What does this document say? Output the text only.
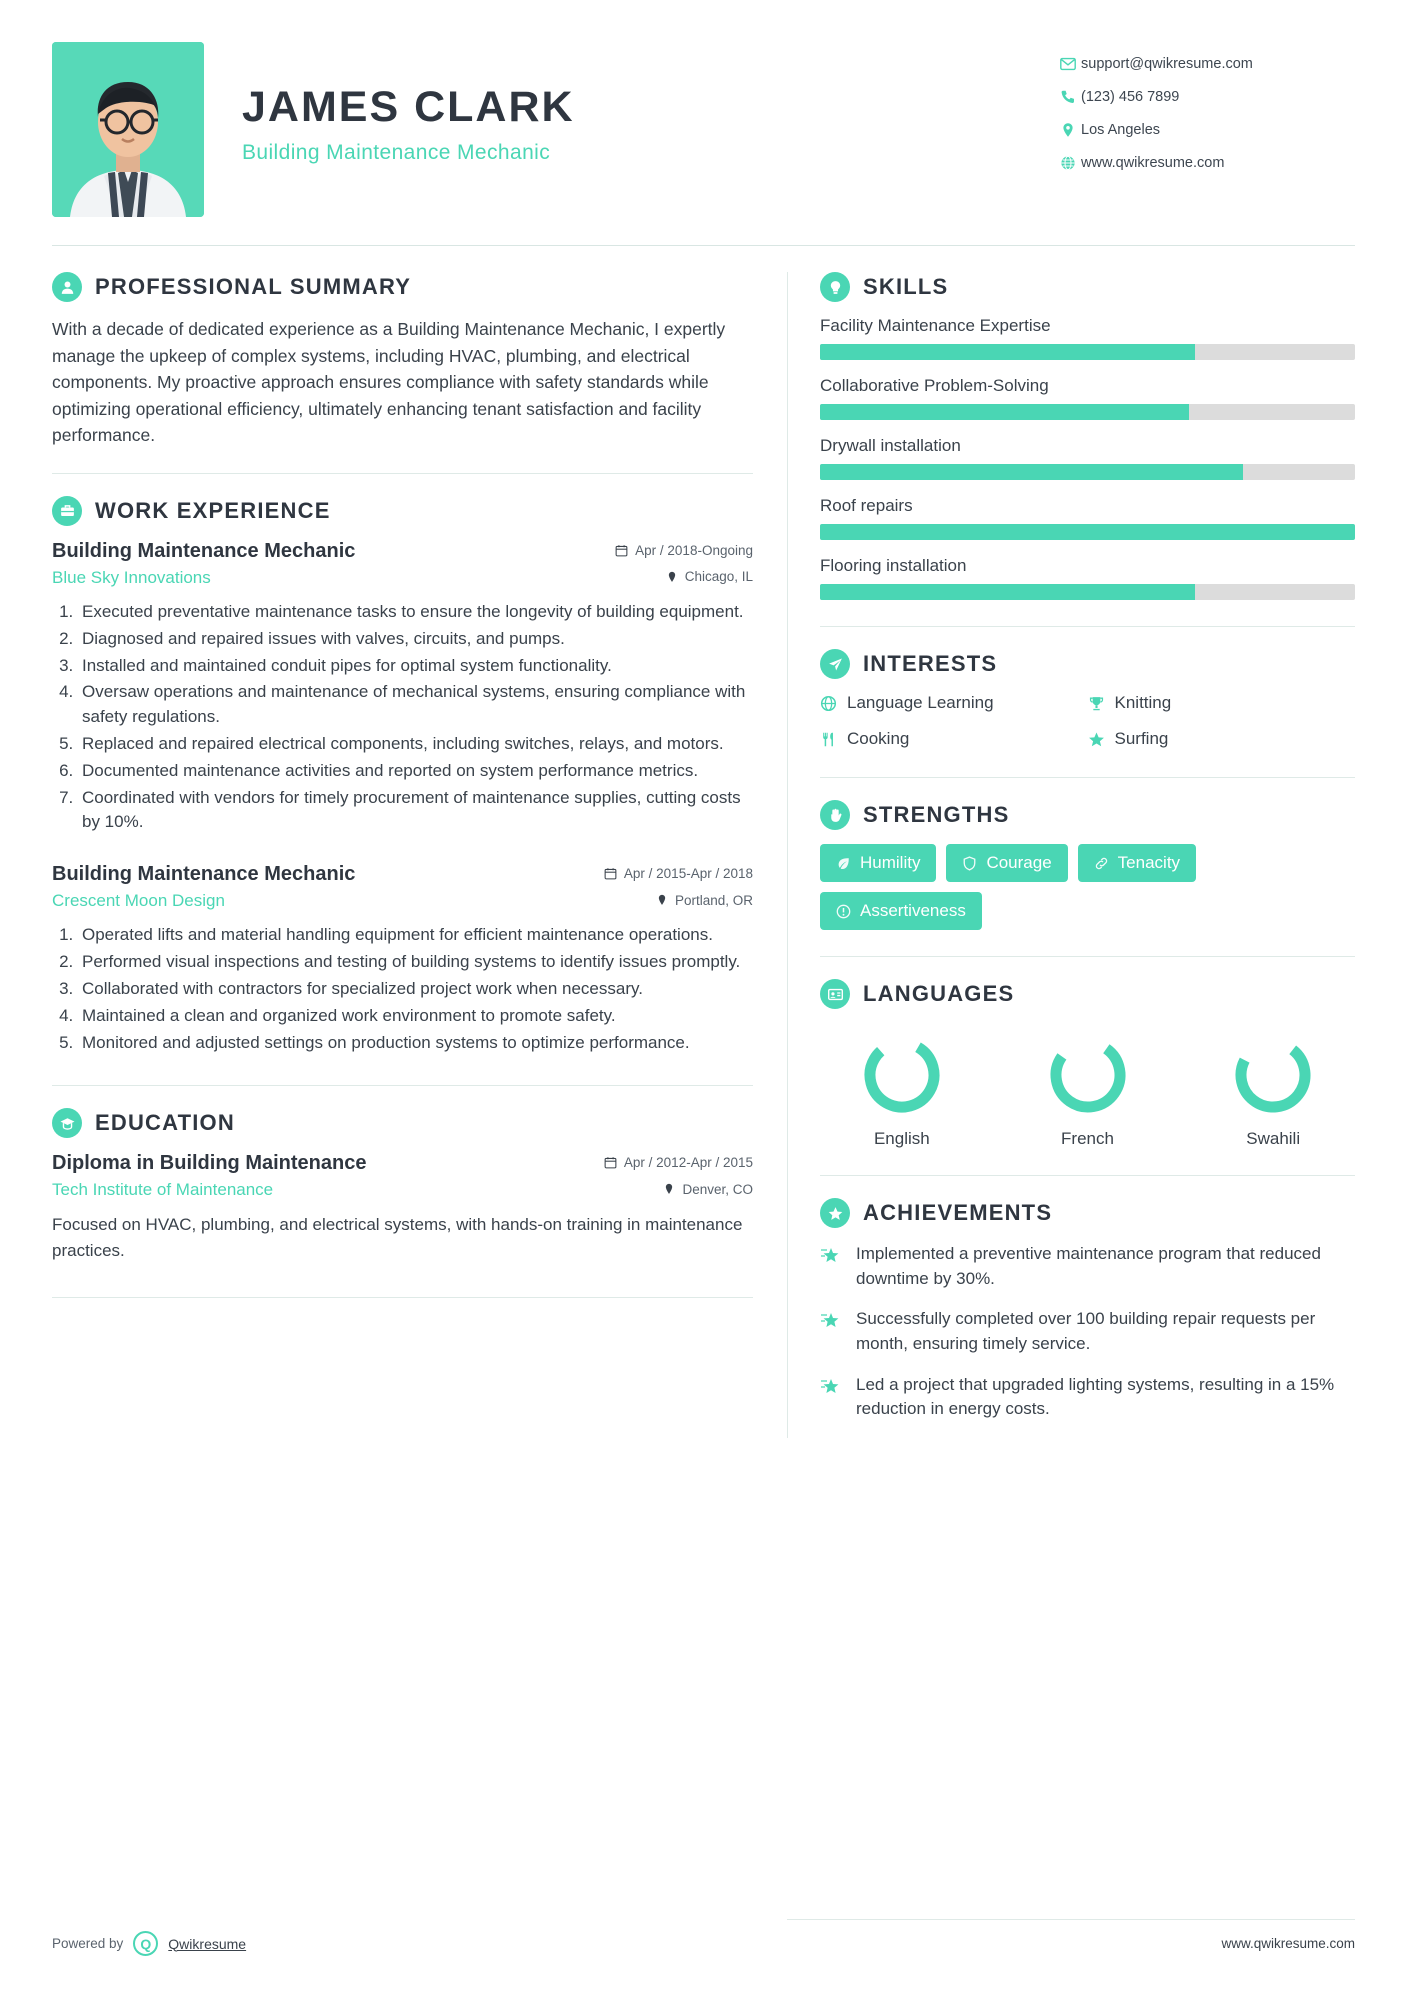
JAMES CLARK
Building Maintenance Mechanic
support@qwikresume.com
(123) 456 7899
Los Angeles
www.qwikresume.com
PROFESSIONAL SUMMARY
With a decade of dedicated experience as a Building Maintenance Mechanic, I expertly manage the upkeep of complex systems, including HVAC, plumbing, and electrical components. My proactive approach ensures compliance with safety standards while optimizing operational efficiency, ultimately enhancing tenant satisfaction and facility performance.
WORK EXPERIENCE
Building Maintenance Mechanic	Apr / 2018-Ongoing
Blue Sky Innovations	Chicago, IL
1. Executed preventative maintenance tasks to ensure the longevity of building equipment.
2. Diagnosed and repaired issues with valves, circuits, and pumps.
3. Installed and maintained conduit pipes for optimal system functionality.
4. Oversaw operations and maintenance of mechanical systems, ensuring compliance with safety regulations.
5. Replaced and repaired electrical components, including switches, relays, and motors.
6. Documented maintenance activities and reported on system performance metrics.
7. Coordinated with vendors for timely procurement of maintenance supplies, cutting costs by 10%.
Building Maintenance Mechanic	Apr / 2015-Apr / 2018
Crescent Moon Design	Portland, OR
1. Operated lifts and material handling equipment for efficient maintenance operations.
2. Performed visual inspections and testing of building systems to identify issues promptly.
3. Collaborated with contractors for specialized project work when necessary.
4. Maintained a clean and organized work environment to promote safety.
5. Monitored and adjusted settings on production systems to optimize performance.
EDUCATION
Diploma in Building Maintenance	Apr / 2012-Apr / 2015
Tech Institute of Maintenance	Denver, CO
Focused on HVAC, plumbing, and electrical systems, with hands-on training in maintenance practices.
SKILLS
Facility Maintenance Expertise
Collaborative Problem-Solving
Drywall installation
Roof repairs
Flooring installation
INTERESTS
Language Learning	Knitting
Cooking	Surfing
STRENGTHS
Humility	Courage	Tenacity
Assertiveness
LANGUAGES
English	French	Swahili
ACHIEVEMENTS
Implemented a preventive maintenance program that reduced downtime by 30%.
Successfully completed over 100 building repair requests per month, ensuring timely service.
Led a project that upgraded lighting systems, resulting in a 15% reduction in energy costs.
Powered by	Q	Qwikresume	www.qwikresume.com
